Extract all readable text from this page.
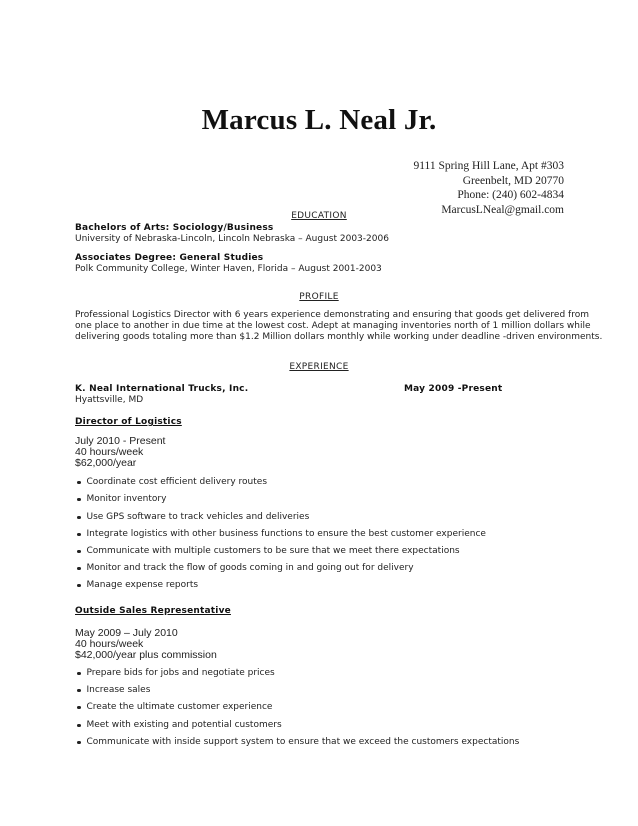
Marcus L. Neal Jr.
9111 Spring Hill Lane, Apt #303
Greenbelt, MD 20770
Phone: (240) 602-4834
MarcusLNeal@gmail.com
EDUCATION
Bachelors of Arts: Sociology/Business
University of Nebraska-Lincoln, Lincoln Nebraska – August 2003-2006
Associates Degree: General Studies
Polk Community College, Winter Haven, Florida – August 2001-2003
PROFILE
Professional Logistics Director with 6 years experience demonstrating and ensuring that goods get delivered from
one place to another in due time at the lowest cost. Adept at managing inventories north of 1 million dollars while
delivering goods totaling more than $1.2 Million dollars monthly while working under deadline -driven environments.
EXPERIENCE
K. Neal International Trucks, Inc.	May 2009 -Present
Hyattsville, MD
Director of Logistics
July 2010 - Present
40 hours/week
$62,000/year
Coordinate cost efficient delivery routes
Monitor inventory
Use GPS software to track vehicles and deliveries
Integrate logistics with other business functions to ensure the best customer experience
Communicate with multiple customers to be sure that we meet there expectations
Monitor and track the flow of goods coming in and going out for delivery
Manage expense reports
Outside Sales Representative
May 2009 – July 2010
40 hours/week
$42,000/year plus commission
Prepare bids for jobs and negotiate prices
Increase sales
Create the ultimate customer experience
Meet with existing and potential customers
Communicate with inside support system to ensure that we exceed the customers expectations
